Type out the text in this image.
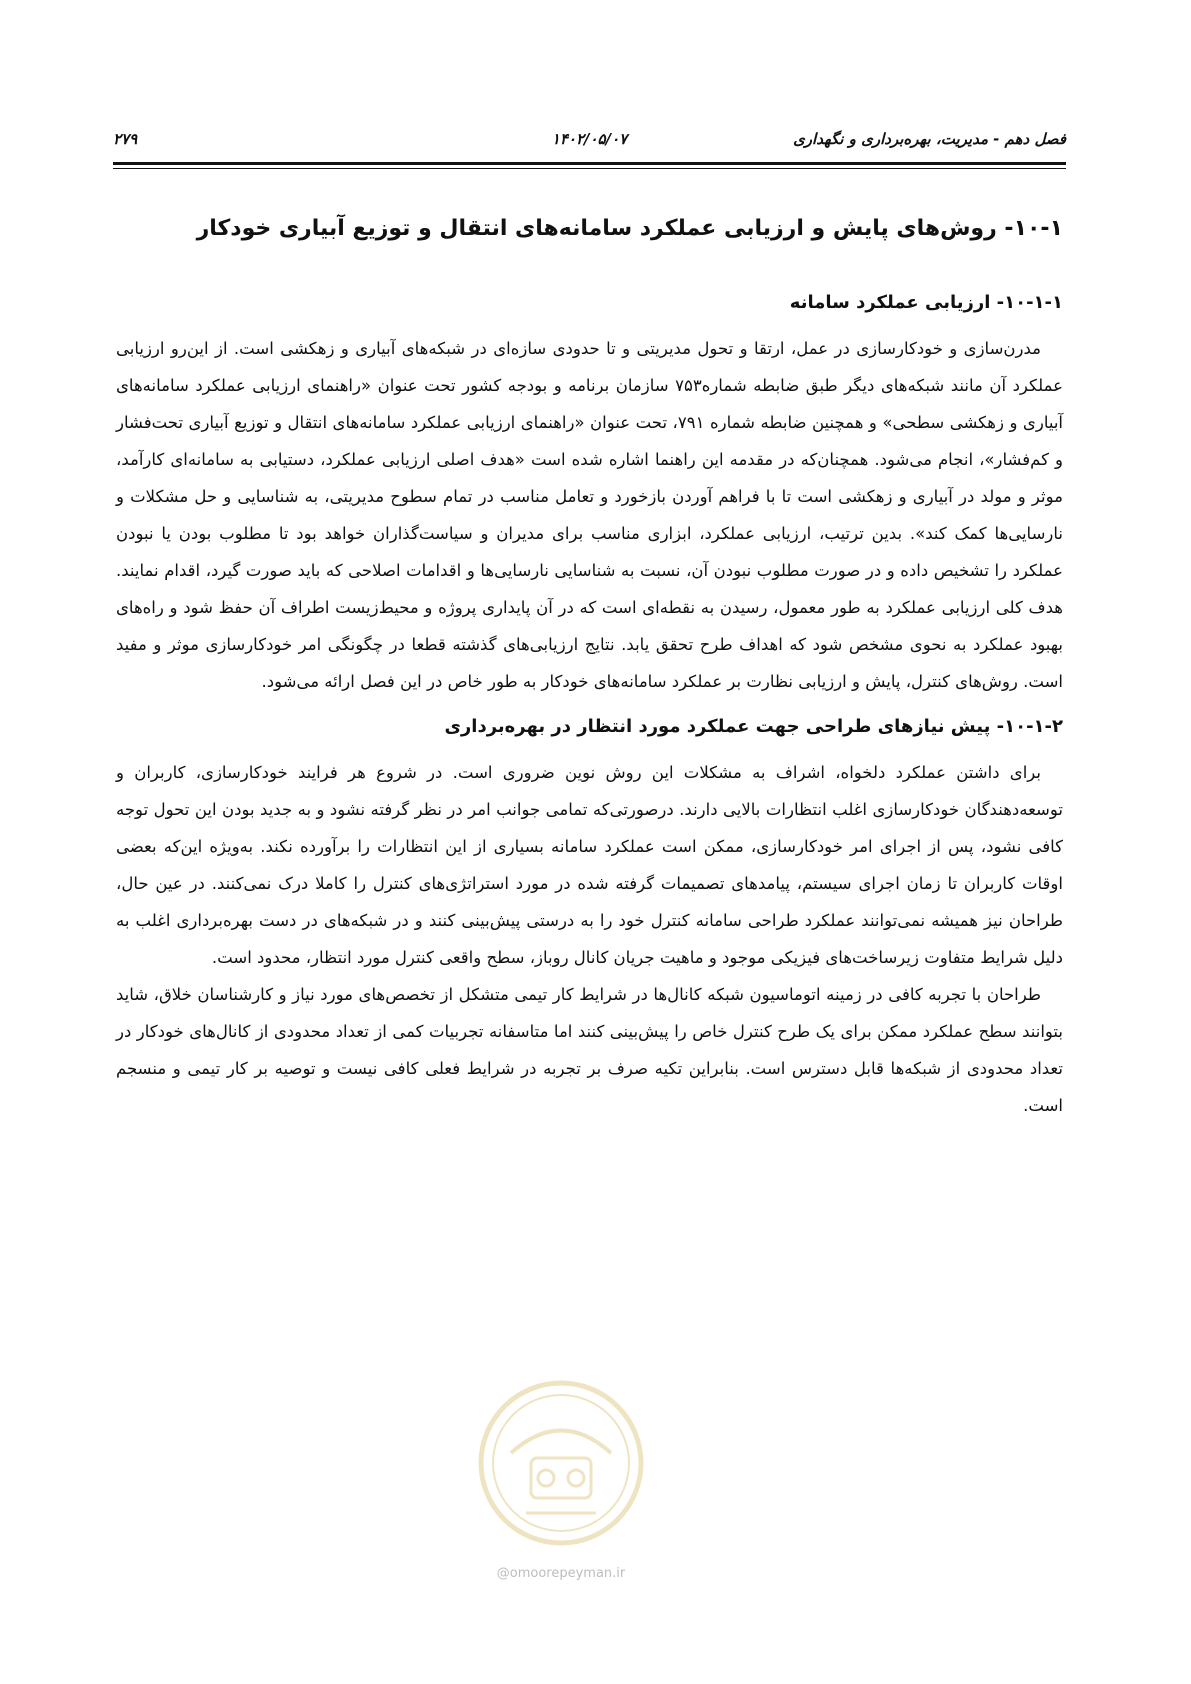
فصل دهم - مدیریت، بهره‌برداری و نگهداری
۱۴۰۲/۰۵/۰۷
۲۷۹
۱۰-۱- روش‌های پایش و ارزیابی عملکرد سامانه‌های انتقال و توزیع آبیاری خودکار
۱۰-۱-۱- ارزیابی عملکرد سامانه

مدرن‌سازی و خودکارسازی در عمل، ارتقا و تحول مدیریتی و تا حدودی سازه‌ای در شبکه‌های آبیاری و زهکشی است. از این‌رو ارزیابی عملکرد آن مانند شبکه‌های دیگر طبق ضابطه شماره۷۵۳ سازمان برنامه و بودجه کشور تحت عنوان «راهنمای ارزیابی عملکرد سامانه‌های آبیاری و زهکشی سطحی» و همچنین ضابطه شماره ۷۹۱، تحت عنوان «راهنمای ارزیابی عملکرد سامانه‌های انتقال و توزیع آبیاری تحت‌فشار و کم‌فشار»، انجام می‌شود. همچنان‌که در مقدمه این راهنما اشاره شده است «هدف اصلی ارزیابی عملکرد، دستیابی به سامانه‌ای کارآمد، موثر و مولد در آبیاری و زهکشی است تا با فراهم آوردن بازخورد و تعامل مناسب در تمام سطوح مدیریتی، به شناسایی و حل مشکلات و نارسایی‌ها کمک کند». بدین ترتیب، ارزیابی عملکرد، ابزاری مناسب برای مدیران و سیاست‌گذاران خواهد بود تا مطلوب بودن یا نبودن عملکرد را تشخیص داده و در صورت مطلوب نبودن آن، نسبت به شناسایی نارسایی‌ها و اقدامات اصلاحی که باید صورت گیرد، اقدام نمایند. هدف کلی ارزیابی عملکرد به طور معمول، رسیدن به نقطه‌ای است که در آن پایداری پروژه و محیط‌زیست اطراف آن حفظ شود و راه‌های بهبود عملکرد به نحوی مشخص شود که اهداف طرح تحقق یابد. نتایج ارزیابی‌های گذشته قطعا در چگونگی امر خودکارسازی موثر و مفید است. روش‌های کنترل، پایش و ارزیابی نظارت بر عملکرد سامانه‌های خودکار به طور خاص در این فصل ارائه می‌شود.

۱۰-۱-۲- پیش نیازهای طراحی جهت عملکرد مورد انتظار در بهره‌برداری

برای داشتن عملکرد دلخواه، اشراف به مشکلات این روش نوین ضروری است. در شروع هر فرایند خودکارسازی، کاربران و توسعه‌دهندگان خودکارسازی اغلب انتظارات بالایی دارند. درصورتی‌که تمامی جوانب امر در نظر گرفته نشود و به جدید بودن این تحول توجه کافی نشود، پس از اجرای امر خودکارسازی، ممکن است عملکرد سامانه بسیاری از این انتظارات را برآورده نکند. به‌ویژه این‌که بعضی اوقات کاربران تا زمان اجرای سیستم، پیامدهای تصمیمات گرفته شده در مورد استراتژی‌های کنترل را کاملا درک نمی‌کنند. در عین حال، طراحان نیز همیشه نمی‌توانند عملکرد طراحی سامانه کنترل خود را به درستی پیش‌بینی کنند و در شبکه‌های در دست بهره‌برداری اغلب به دلیل شرایط متفاوت زیرساخت‌های فیزیکی موجود و ماهیت جریان کانال روباز، سطح واقعی کنترل مورد انتظار، محدود است.

طراحان با تجربه کافی در زمینه اتوماسیون شبکه کانال‌ها در شرایط کار تیمی متشکل از تخصص‌های مورد نیاز و کارشناسان خلاق، شاید بتوانند سطح عملکرد ممکن برای یک طرح کنترل خاص را پیش‌بینی کنند اما متاسفانه تجربیات کمی از تعداد محدودی از کانال‌های خودکار در تعداد محدودی از شبکه‌ها قابل دسترس است. بنابراین تکیه صرف بر تجربه در شرایط فعلی کافی نیست و توصیه بر کار تیمی و منسجم است.

@omoorepeyman.ir
